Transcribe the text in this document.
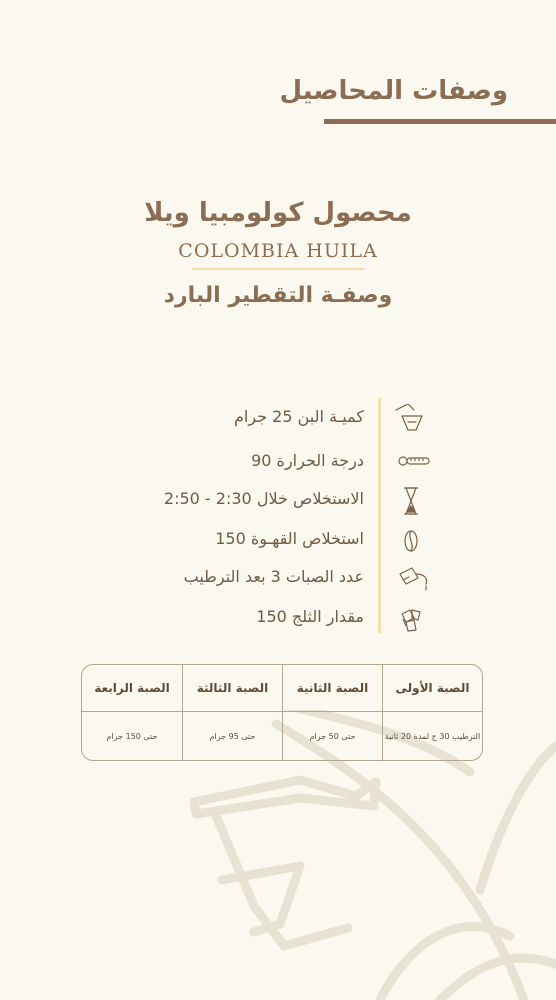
وصفات المحاصيل
محصول كولومبيا ويلا
COLOMBIA HUILA
وصفـة التقطير البارد
كميـة البن 25 جرام
درجة الحرارة 90
الاستخلاص خلال 2:30 - 2:50
استخلاص القهـوة 150
عدد الصبات 3 بعد الترطيب
مقدار الثلج 150
الصبة الأولى	الصبة الثانية	الصبة الثالثة	الصبة الرابعة
الترطيب 30 ج لمدة 20 ثانية	حتى 50 جرام	حتى 95 جرام	حتى 150 جرام
